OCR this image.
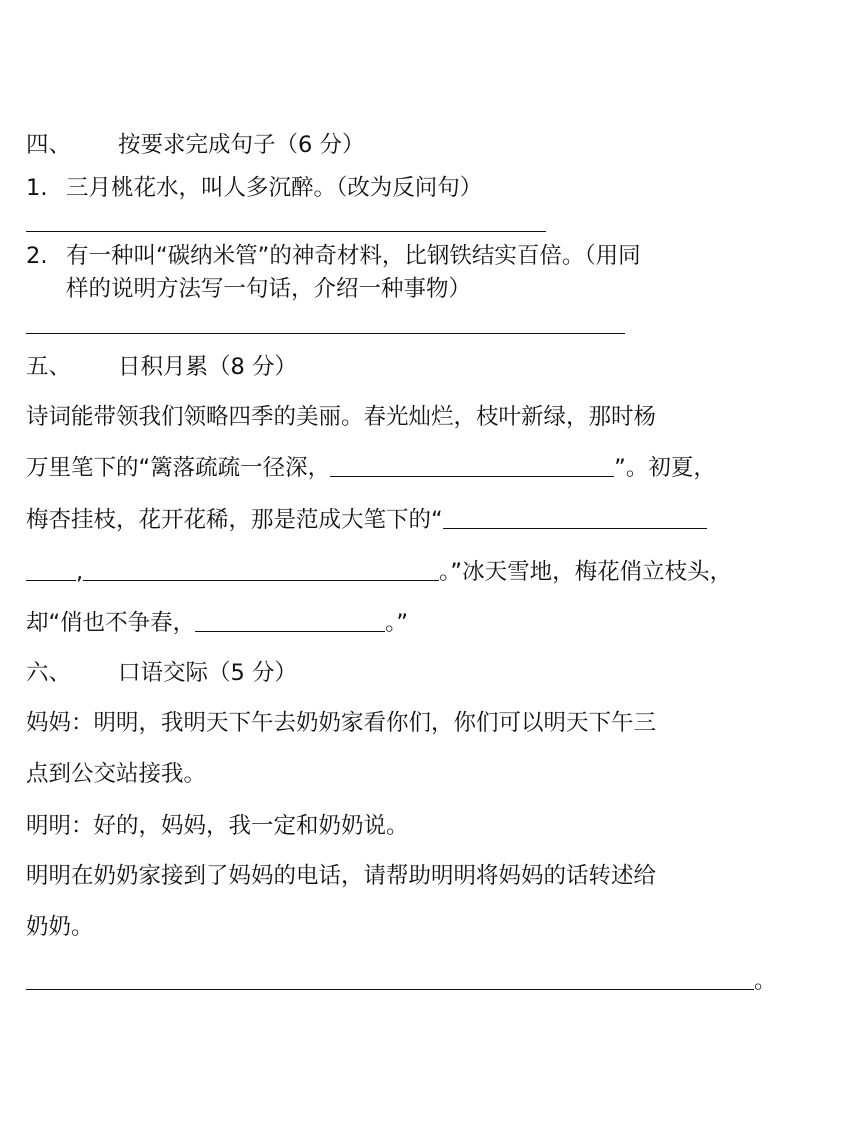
四、 按要求完成句子（6 分）
1. 三月桃花水，叫人多沉醉。（改为反问句）
2. 有一种叫“碳纳米管”的神奇材料，比钢铁结实百倍。（用同
样的说明方法写一句话，介绍一种事物）
五、 日积月累（8 分）
诗词能带领我们领略四季的美丽。春光灿烂，枝叶新绿，那时杨
万里笔下的“篱落疏疏一径深，	”。初夏，
梅杏挂枝，花开花稀，那是范成大笔下的“
,	。”冰天雪地，梅花俏立枝头，
却“俏也不争春，	。”
六、 口语交际（5 分）
妈妈：明明，我明天下午去奶奶家看你们，你们可以明天下午三
点到公交站接我。
明明：好的，妈妈，我一定和奶奶说。
明明在奶奶家接到了妈妈的电话，请帮助明明将妈妈的话转述给
奶奶。
。
